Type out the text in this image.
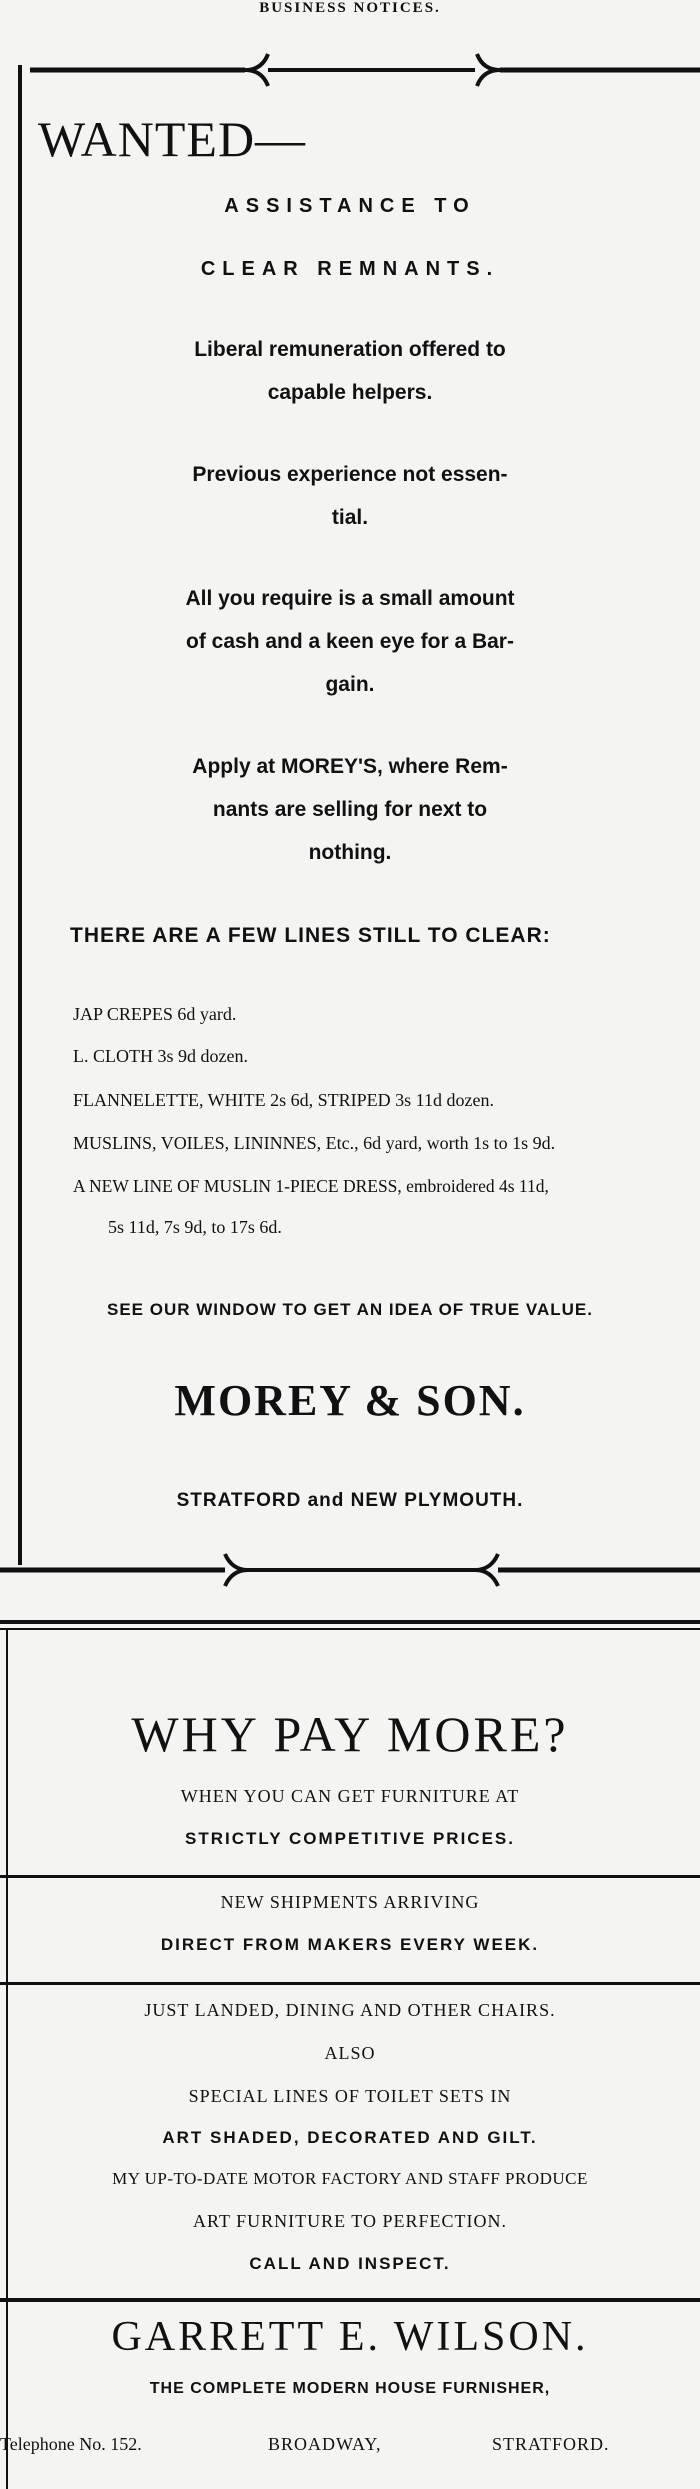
BUSINESS NOTICES.
WANTED—
ASSISTANCE TO
CLEAR REMNANTS.
Liberal remuneration offered to
capable helpers.
Previous experience not essen-
tial.
All you require is a small amount
of cash and a keen eye for a Bar-
gain.
Apply at MOREY'S, where Rem-
nants are selling for next to
nothing.
THERE ARE A FEW LINES STILL TO CLEAR:
JAP CREPES 6d yard.
L. CLOTH 3s 9d dozen.
FLANNELETTE, WHITE 2s 6d, STRIPED 3s 11d dozen.
MUSLINS, VOILES, LININNES, Etc., 6d yard, worth 1s to 1s 9d.
A NEW LINE OF MUSLIN 1-PIECE DRESS, embroidered 4s 11d,
5s 11d, 7s 9d, to 17s 6d.
SEE OUR WINDOW TO GET AN IDEA OF TRUE VALUE.
MOREY & SON.
STRATFORD and NEW PLYMOUTH.
WHY PAY MORE?
WHEN YOU CAN GET FURNITURE AT
STRICTLY COMPETITIVE PRICES.
NEW SHIPMENTS ARRIVING
DIRECT FROM MAKERS EVERY WEEK.
JUST LANDED, DINING AND OTHER CHAIRS.
ALSO
SPECIAL LINES OF TOILET SETS IN
ART SHADED, DECORATED AND GILT.
MY UP-TO-DATE MOTOR FACTORY AND STAFF PRODUCE
ART FURNITURE TO PERFECTION.
CALL AND INSPECT.
GARRETT E. WILSON.
THE COMPLETE MODERN HOUSE FURNISHER,
Telephone No. 152.	BROADWAY,	STRATFORD.
